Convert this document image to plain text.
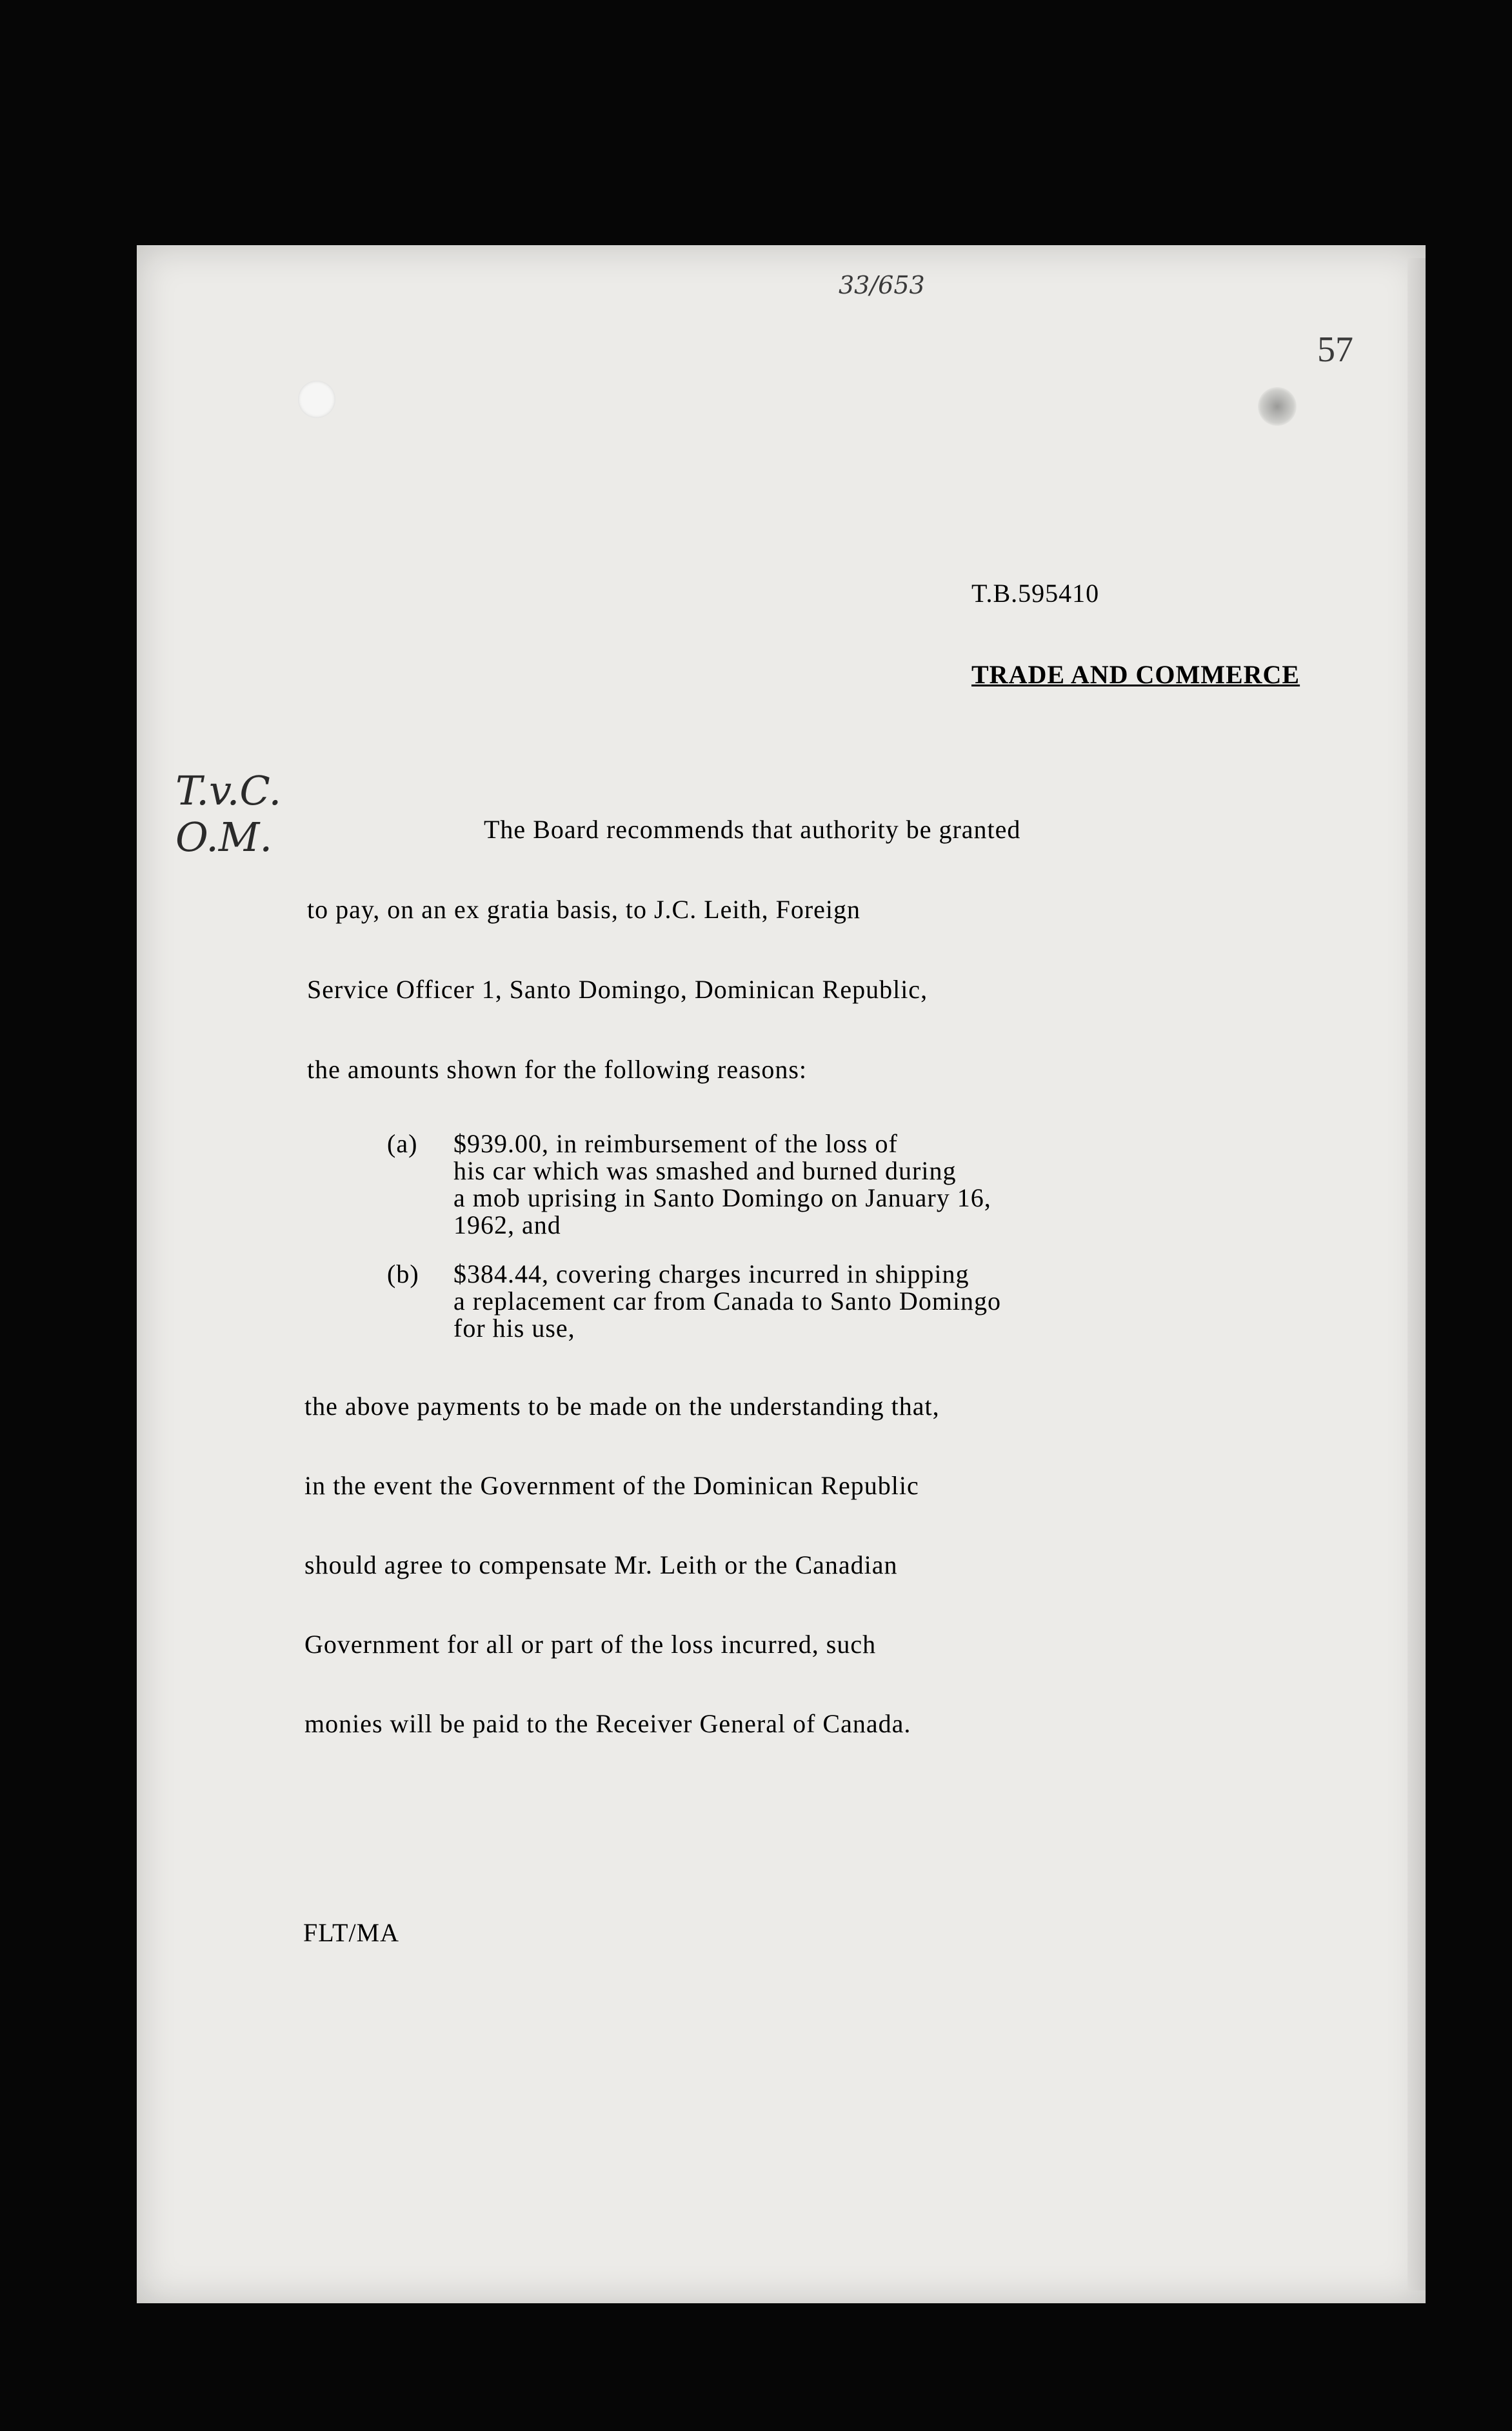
33/653
57
T.v.C.
O.M.
T.B.595410
TRADE AND COMMERCE
The Board recommends that authority be granted
to pay, on an ex gratia basis, to J.C. Leith, Foreign
Service Officer 1, Santo Domingo, Dominican Republic,
the amounts shown for the following reasons:
(a) $939.00, in reimbursement of the loss of
his car which was smashed and burned during
a mob uprising in Santo Domingo on January 16,
1962, and
(b) $384.44, covering charges incurred in shipping
a replacement car from Canada to Santo Domingo
for his use,
the above payments to be made on the understanding that,
in the event the Government of the Dominican Republic
should agree to compensate Mr. Leith or the Canadian
Government for all or part of the loss incurred, such
monies will be paid to the Receiver General of Canada.
FLT/MA
